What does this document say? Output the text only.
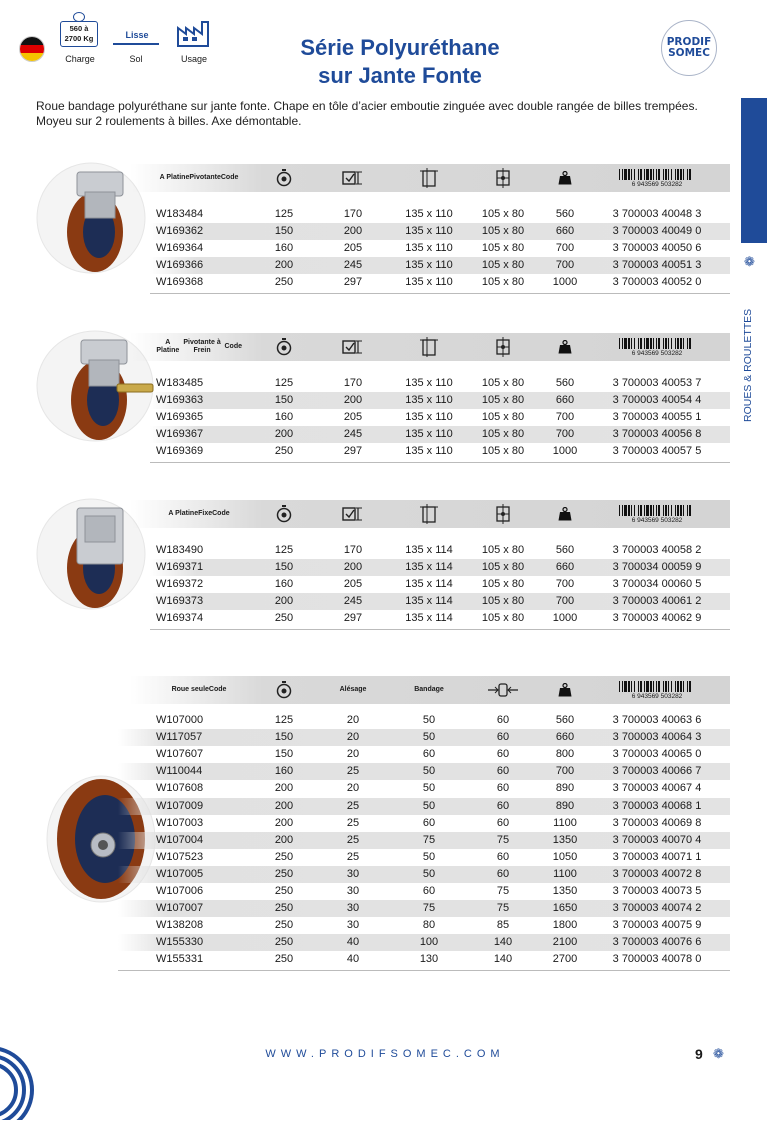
560 à
2700 Kg
Charge
Lisse
Sol	Usage	Série Polyuréthane
sur Jante Fonte
PRODIF
SOMEC
Roue bandage polyuréthane sur jante fonte. Chape en tôle d’acier emboutie zinguée avec double rangée de billes trempées. Moyeu sur 2 roulements à billes. Axe démontable.
❁
ROUES & ROULETTES
A Platine Pivotante Code
6 943569 503282
W183484	125	170	135 x 110	105 x 80	560	3 700003 40048 3
W169362	150	200	135 x 110	105 x 80	660	3 700003 40049 0
W169364	160	205	135 x 110	105 x 80	700	3 700003 40050 6
W169366	200	245	135 x 110	105 x 80	700	3 700003 40051 3
W169368	250	297	135 x 110	105 x 80	1000	3 700003 40052 0
A Platine

Pivotante à Frein

Code
6 943569 503282
W183485	125	170	135 x 110	105 x 80	560	3 700003 40053 7
W169363	150	200	135 x 110	105 x 80	660	3 700003 40054 4
W169365	160	205	135 x 110	105 x 80	700	3 700003 40055 1
W169367	200	245	135 x 110	105 x 80	700	3 700003 40056 8
W169369	250	297	135 x 110	105 x 80	1000	3 700003 40057 5
A Platine Fixe Code
6 943569 503282
W183490	125	170	135 x 114	105 x 80	560	3 700003 40058 2
W169371	150	200	135 x 114	105 x 80	660	3 700034 00059 9
W169372	160	205	135 x 114	105 x 80	700	3 700034 00060 5
W169373	200	245	135 x 114	105 x 80	700	3 700003 40061 2
W169374	250	297	135 x 114	105 x 80	1000	3 700003 40062 9
Roue seule Code	Alésage	Bandage
6 943569 503282
W107000	125	20	50	60	560	3 700003 40063 6
W117057	150	20	50	60	660	3 700003 40064 3
W107607	150	20	60	60	800	3 700003 40065 0
W110044	160	25	50	60	700	3 700003 40066 7
W107608	200	20	50	60	890	3 700003 40067 4
W107009	200	25	50	60	890	3 700003 40068 1
W107003	200	25	60	60	1100	3 700003 40069 8
W107004	200	25	75	75	1350	3 700003 40070 4
W107523	250	25	50	60	1050	3 700003 40071 1
W107005	250	30	50	60	1100	3 700003 40072 8
W107006	250	30	60	75	1350	3 700003 40073 5
W107007	250	30	75	75	1650	3 700003 40074 2
W138208	250	30	80	85	1800	3 700003 40075 9
W155330	250	40	100	140	2100	3 700003 40076 6
W155331	250	40	130	140	2700	3 700003 40078 0
WWW.PRODIFSOMEC.COM	9 ❁
